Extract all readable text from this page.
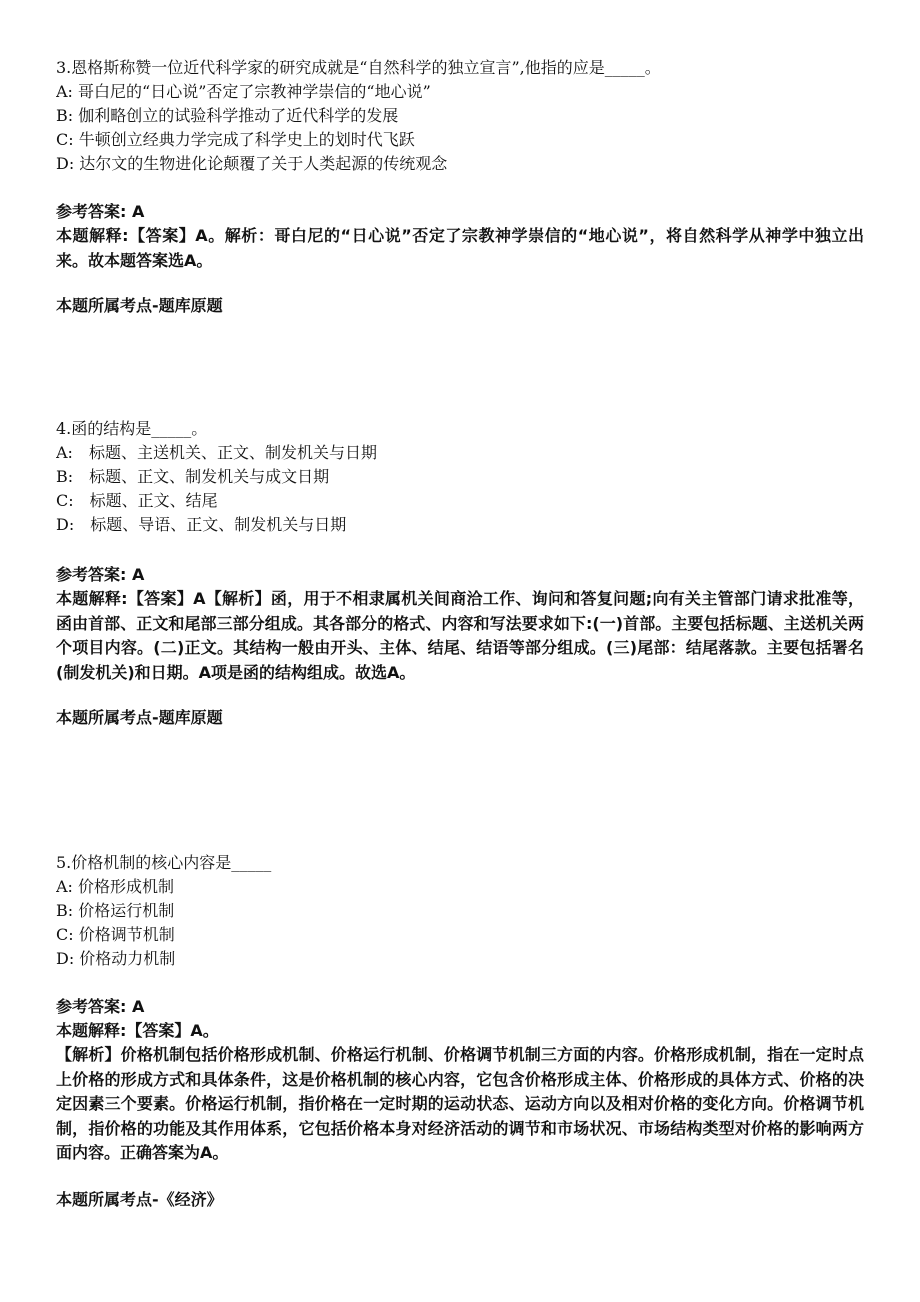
3.恩格斯称赞一位近代科学家的研究成就是“自然科学的独立宣言”,他指的应是_____。
A: 哥白尼的“日心说”否定了宗教神学崇信的“地心说”
B: 伽利略创立的试验科学推动了近代科学的发展
C: 牛顿创立经典力学完成了科学史上的划时代飞跃
D: 达尔文的生物进化论颠覆了关于人类起源的传统观念
参考答案: A
本题解释:【答案】A。解析：哥白尼的“日心说”否定了宗教神学崇信的“地心说”，将自然科学从神学中独立出来。故本题答案选A。
本题所属考点-题库原题
4.函的结构是_____。
A:　标题、主送机关、正文、制发机关与日期
B:　标题、正文、制发机关与成文日期
C:　标题、正文、结尾
D:　标题、导语、正文、制发机关与日期
参考答案: A
本题解释:【答案】A【解析】函，用于不相隶属机关间商洽工作、询问和答复问题;向有关主管部门请求批准等，函由首部、正文和尾部三部分组成。其各部分的格式、内容和写法要求如下:(一)首部。主要包括标题、主送机关两个项目内容。(二)正文。其结构一般由开头、主体、结尾、结语等部分组成。(三)尾部：结尾落款。主要包括署名(制发机关)和日期。A项是函的结构组成。故选A。
本题所属考点-题库原题
5.价格机制的核心内容是_____
A: 价格形成机制
B: 价格运行机制
C: 价格调节机制
D: 价格动力机制
参考答案: A
本题解释:【答案】A。
【解析】价格机制包括价格形成机制、价格运行机制、价格调节机制三方面的内容。价格形成机制，指在一定时点上价格的形成方式和具体条件，这是价格机制的核心内容，它包含价格形成主体、价格形成的具体方式、价格的决定因素三个要素。价格运行机制，指价格在一定时期的运动状态、运动方向以及相对价格的变化方向。价格调节机制，指价格的功能及其作用体系，它包括价格本身对经济活动的调节和市场状况、市场结构类型对价格的影响两方面内容。正确答案为A。
本题所属考点-《经济》
